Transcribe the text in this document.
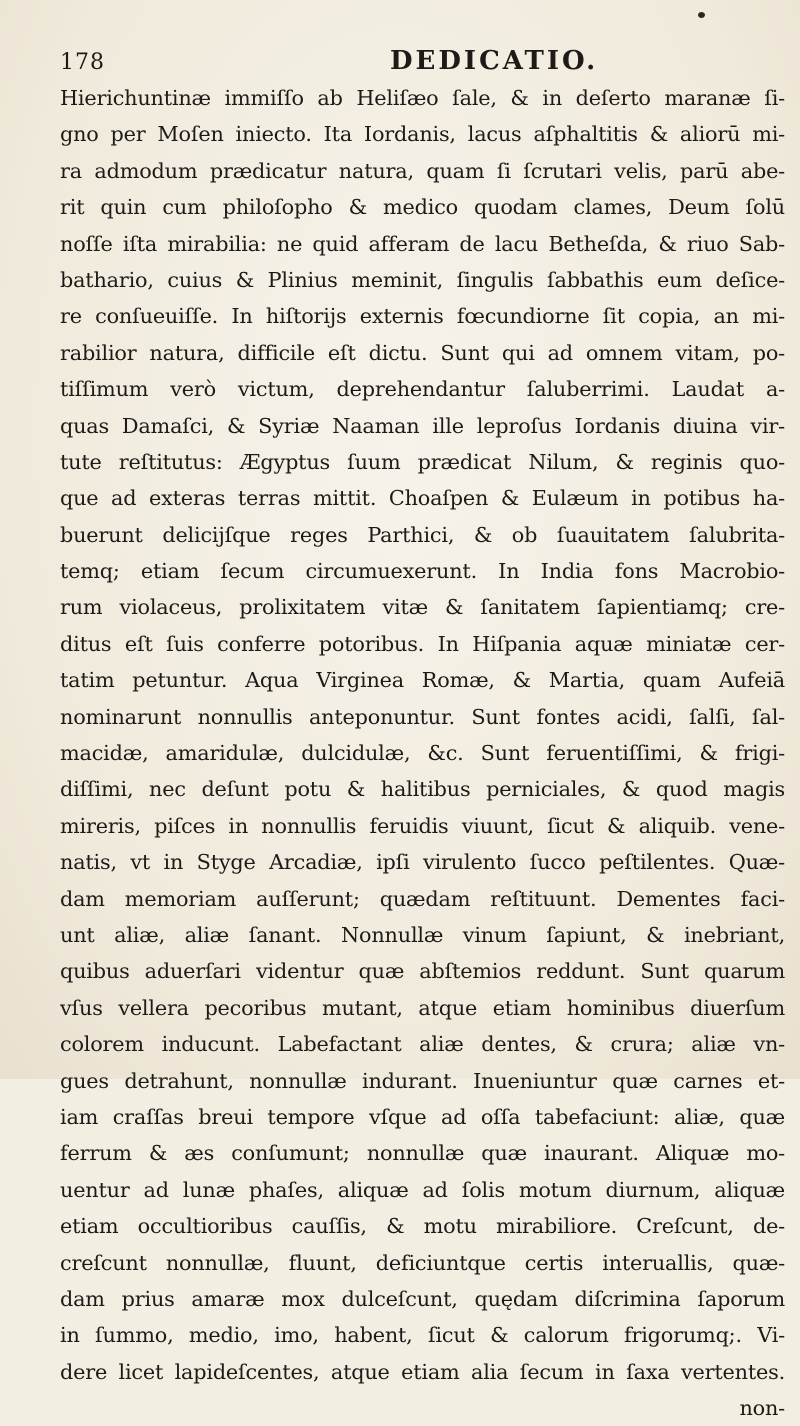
178	DEDICATIO.
Hierichuntinæ immiſſo ab Heliſæo ſale, & in deſerto maranæ ſi-
gno per Moſen iniecto. Ita Iordanis, lacus aſphaltitis & aliorū mi-
ra admodum prædicatur natura, quam ſi ſcrutari velis, parū abe-
rit quin cum philoſopho & medico quodam clames, Deum ſolū
noſſe iſta mirabilia: ne quid afferam de lacu Betheſda, & riuo Sab-
bathario, cuius & Plinius meminit, ſingulis ſabbathis eum deſice-
re conſueuiſſe. In hiſtorijs externis fœcundiorne ſit copia, an mi-
rabilior natura, difficile eſt dictu. Sunt qui ad omnem vitam, po-
tiſſimum verò victum, deprehendantur ſaluberrimi. Laudat a-
quas Damaſci, & Syriæ Naaman ille leproſus Iordanis diuina vir-
tute reſtitutus: Ægyptus ſuum prædicat Nilum, & reginis quo-
que ad exteras terras mittit. Choaſpen & Eulæum in potibus ha-
buerunt delicijſque reges Parthici, & ob ſuauitatem ſalubrita-
temq; etiam ſecum circumuexerunt. In India fons Macrobio-
rum violaceus, prolixitatem vitæ & ſanitatem ſapientiamq; cre-
ditus eſt ſuis conferre potoribus. In Hiſpania aquæ miniatæ cer-
tatim petuntur. Aqua Virginea Romæ, & Martia, quam Aufeiā
nominarunt nonnullis anteponuntur. Sunt fontes acidi, ſalſi, ſal-
macidæ, amaridulæ, dulcidulæ, &c. Sunt feruentiſſimi, & frigi-
diſſimi, nec deſunt potu & halitibus perniciales, & quod magis
mireris, piſces in nonnullis feruidis viuunt, ſicut & aliquib. vene-
natis, vt in Styge Arcadiæ, ipſi virulento ſucco peſtilentes. Quæ-
dam memoriam auſſerunt; quædam reſtituunt. Dementes faci-
unt aliæ, aliæ ſanant. Nonnullæ vinum ſapiunt, & inebriant,
quibus aduerſari videntur quæ abſtemios reddunt. Sunt quarum
vſus vellera pecoribus mutant, atque etiam hominibus diuerſum
colorem inducunt. Labefactant aliæ dentes, & crura; aliæ vn-
gues detrahunt, nonnullæ indurant. Inueniuntur quæ carnes et-
iam craſſas breui tempore vſque ad oſſa tabefaciunt: aliæ, quæ
ferrum & æs conſumunt; nonnullæ quæ inaurant. Aliquæ mo-
uentur ad lunæ phaſes, aliquæ ad ſolis motum diurnum, aliquæ
etiam occultioribus cauſſis, & motu mirabiliore. Creſcunt, de-
creſcunt nonnullæ, fluunt, deficiuntque certis interuallis, quæ-
dam prius amaræ mox dulceſcunt, quędam diſcrimina ſaporum
in ſummo, medio, imo, habent, ſicut & calorum frigorumq;. Vi-
dere licet lapideſcentes, atque etiam alia ſecum in ſaxa vertentes.
non-
